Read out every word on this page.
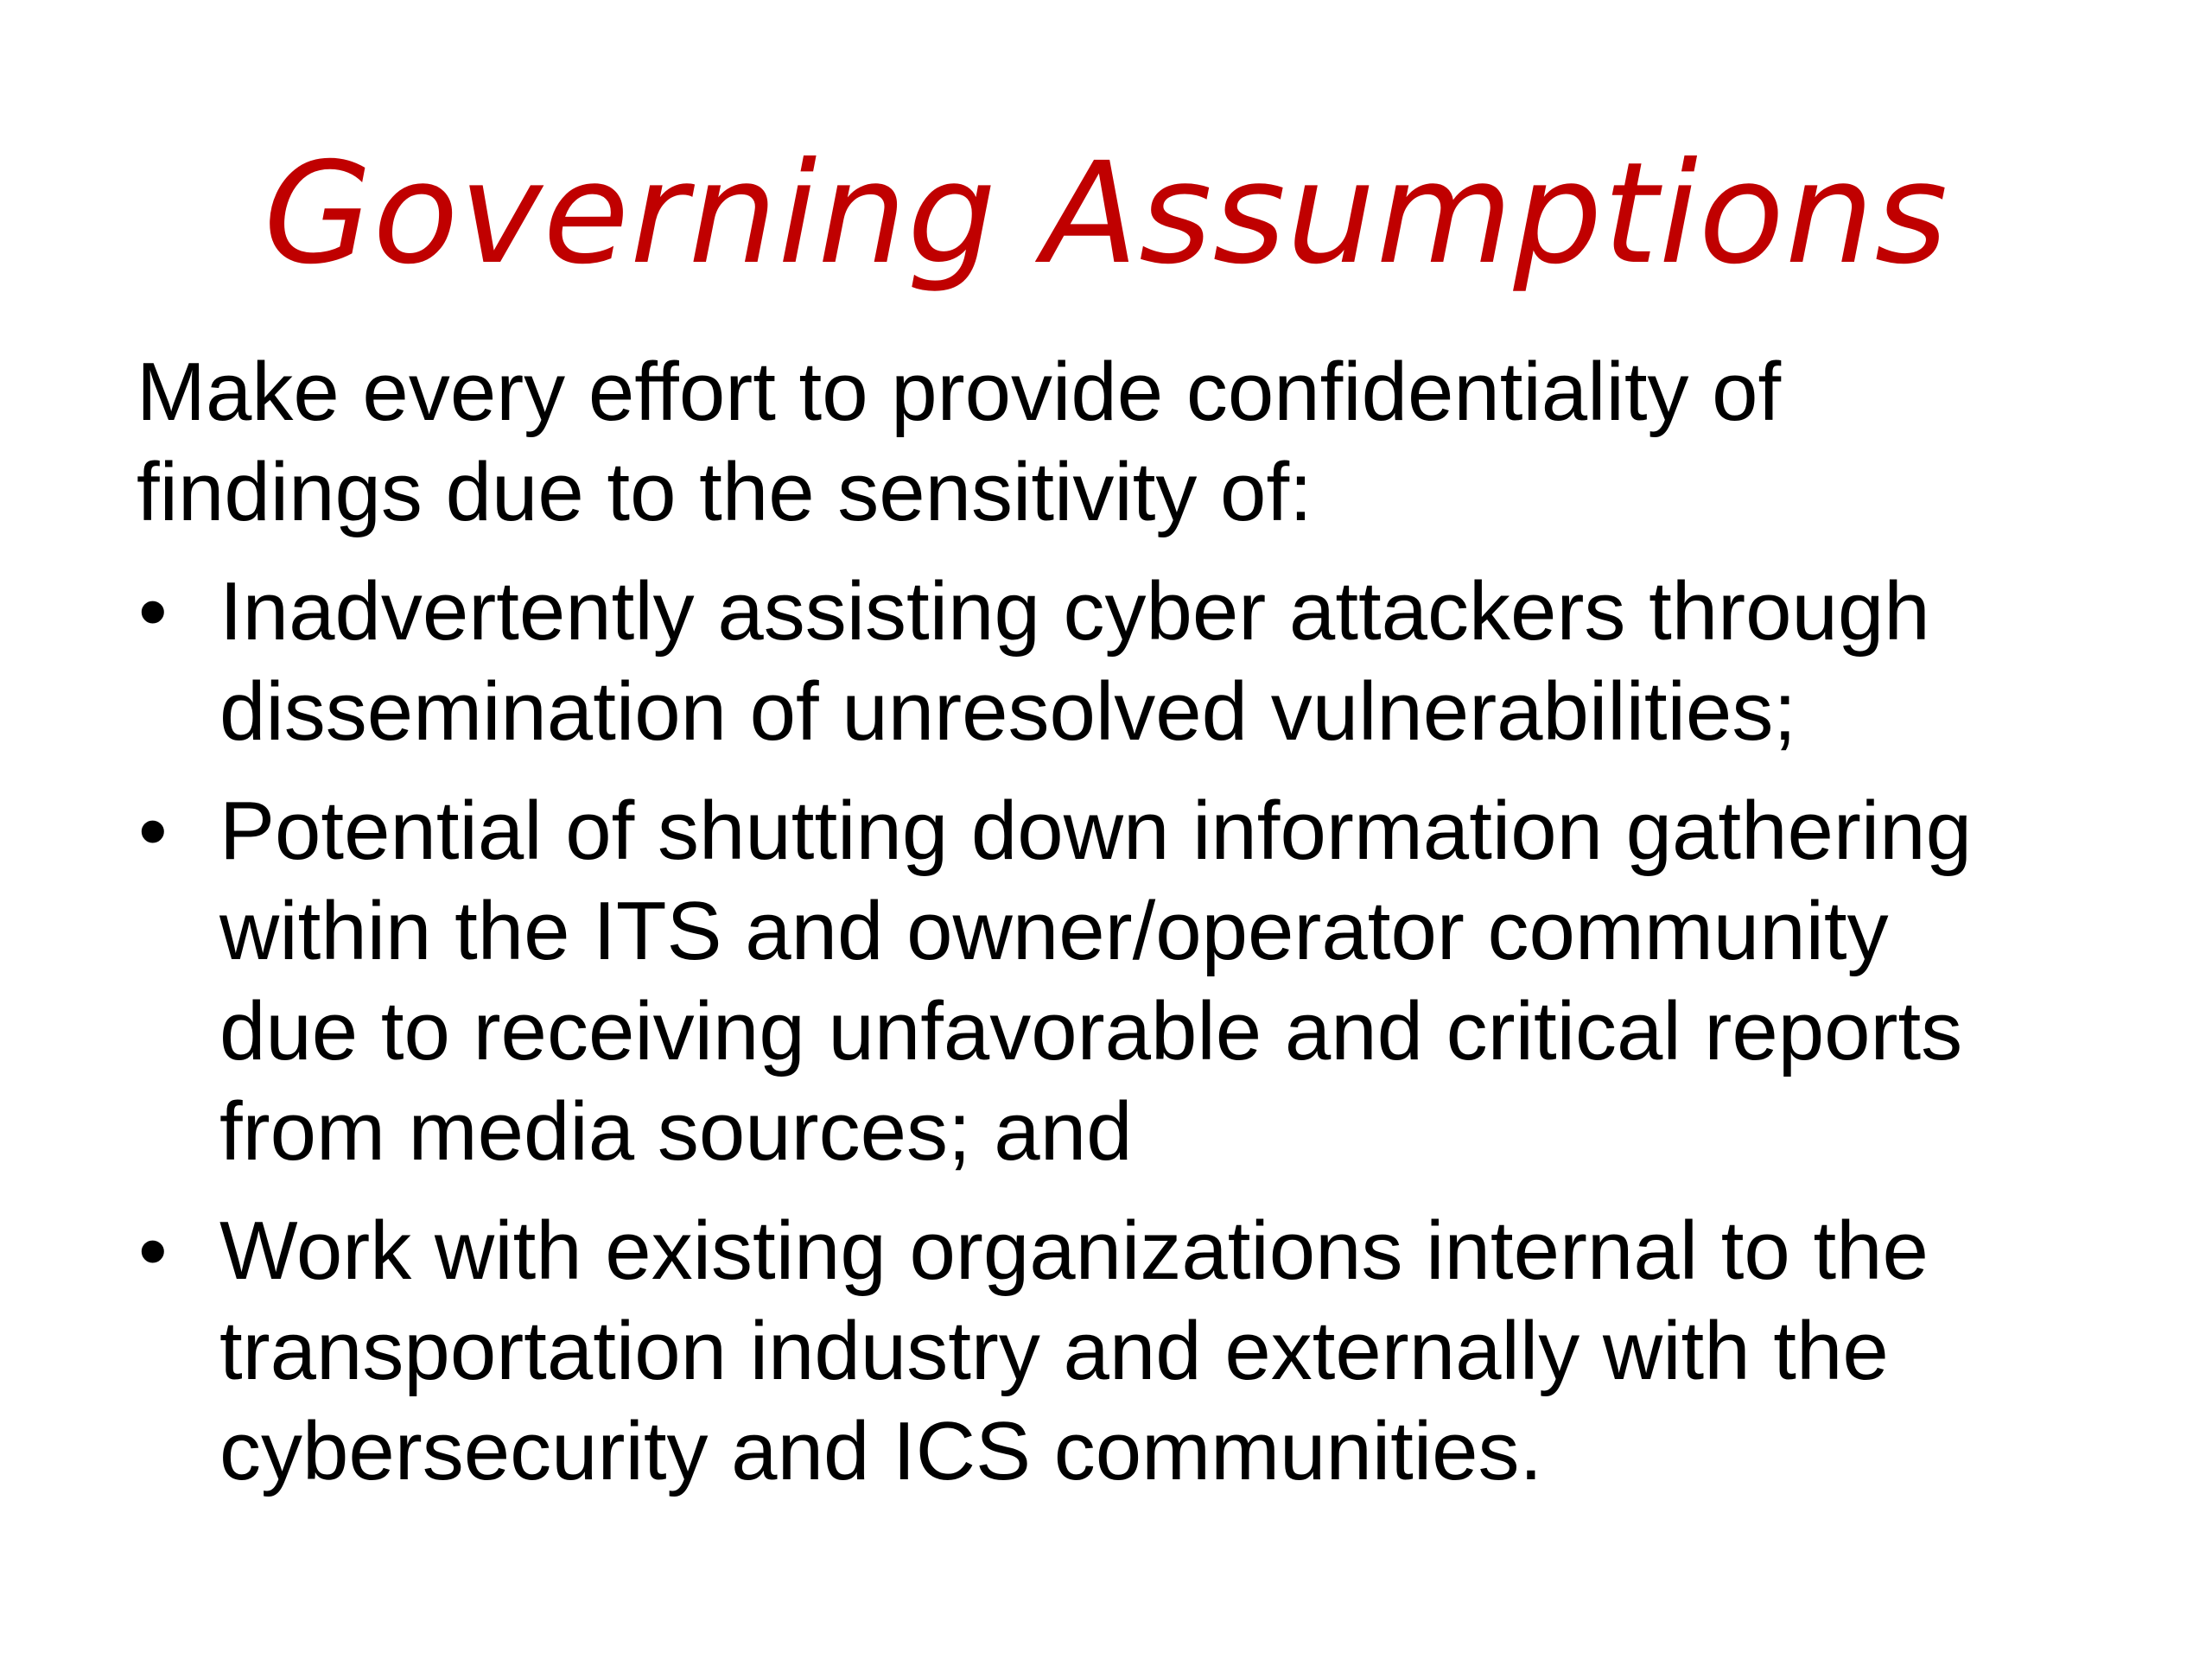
Governing Assumptions

Make every effort to provide confidentiality of
findings due to the sensitivity of:

• Inadvertently assisting cyber attackers through
dissemination of unresolved vulnerabilities;
• Potential of shutting down information gathering
within the ITS and owner/operator community
due to receiving unfavorable and critical reports
from media sources; and
• Work with existing organizations internal to the
transportation industry and externally with the
cybersecurity and ICS communities.
